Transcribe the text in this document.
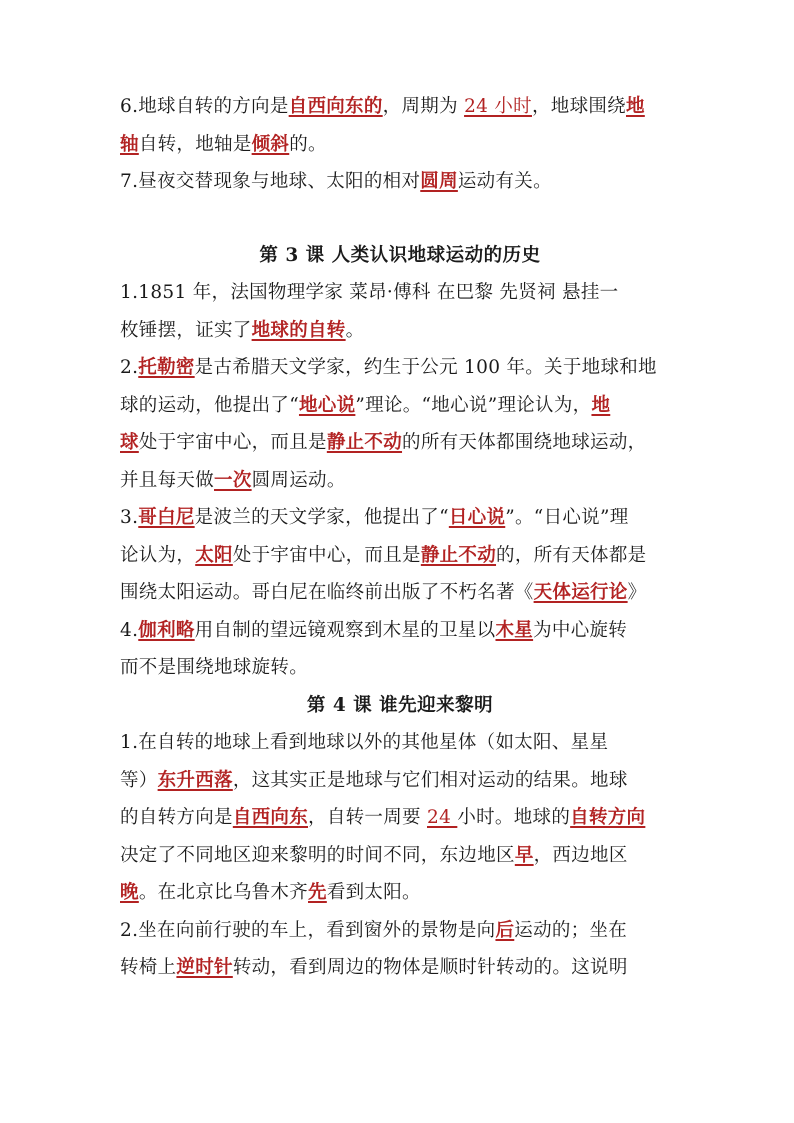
6.地球自转的方向是自西向东的，周期为 24 小时，地球围绕地
轴自转，地轴是倾斜的。
7.昼夜交替现象与地球、太阳的相对圆周运动有关。
第 3 课 人类认识地球运动的历史
1.1851 年，法国物理学家 菜昂·傅科 在巴黎 先贤祠 悬挂一
枚锤摆，证实了地球的自转。
2.托勒密是古希腊天文学家，约生于公元 100 年。关于地球和地
球的运动，他提出了“地心说”理论。“地心说”理论认为，地
球处于宇宙中心，而且是静止不动的所有天体都围绕地球运动，
并且每天做一次圆周运动。
3.哥白尼是波兰的天文学家，他提出了“日心说”。“日心说”理
论认为，太阳处于宇宙中心，而且是静止不动的，所有天体都是
围绕太阳运动。哥白尼在临终前出版了不朽名著《天体运行论》
4.伽利略用自制的望远镜观察到木星的卫星以木星为中心旋转
而不是围绕地球旋转。
第 4 课 谁先迎来黎明
1.在自转的地球上看到地球以外的其他星体（如太阳、星星
等）东升西落，这其实正是地球与它们相对运动的结果。地球
的自转方向是自西向东，自转一周要 24 小时。地球的自转方向
决定了不同地区迎来黎明的时间不同，东边地区早，西边地区
晚。在北京比乌鲁木齐先看到太阳。
2.坐在向前行驶的车上，看到窗外的景物是向后运动的；坐在
转椅上逆时针转动，看到周边的物体是顺时针转动的。这说明
